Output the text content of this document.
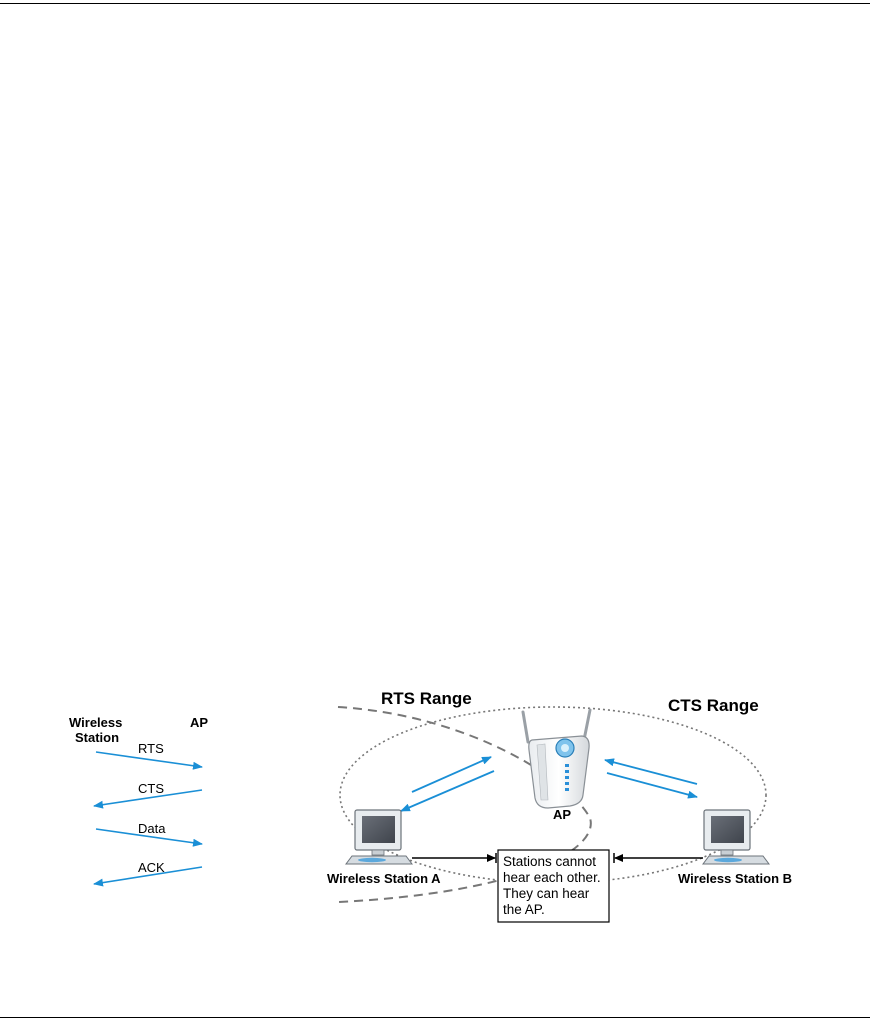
Wireless
Station
AP
RTS
CTS
Data
ACK
RTS Range	CTS Range
AP
Wireless Station A	Wireless Station B
Stations cannot
hear each other.
They can hear
the AP.
